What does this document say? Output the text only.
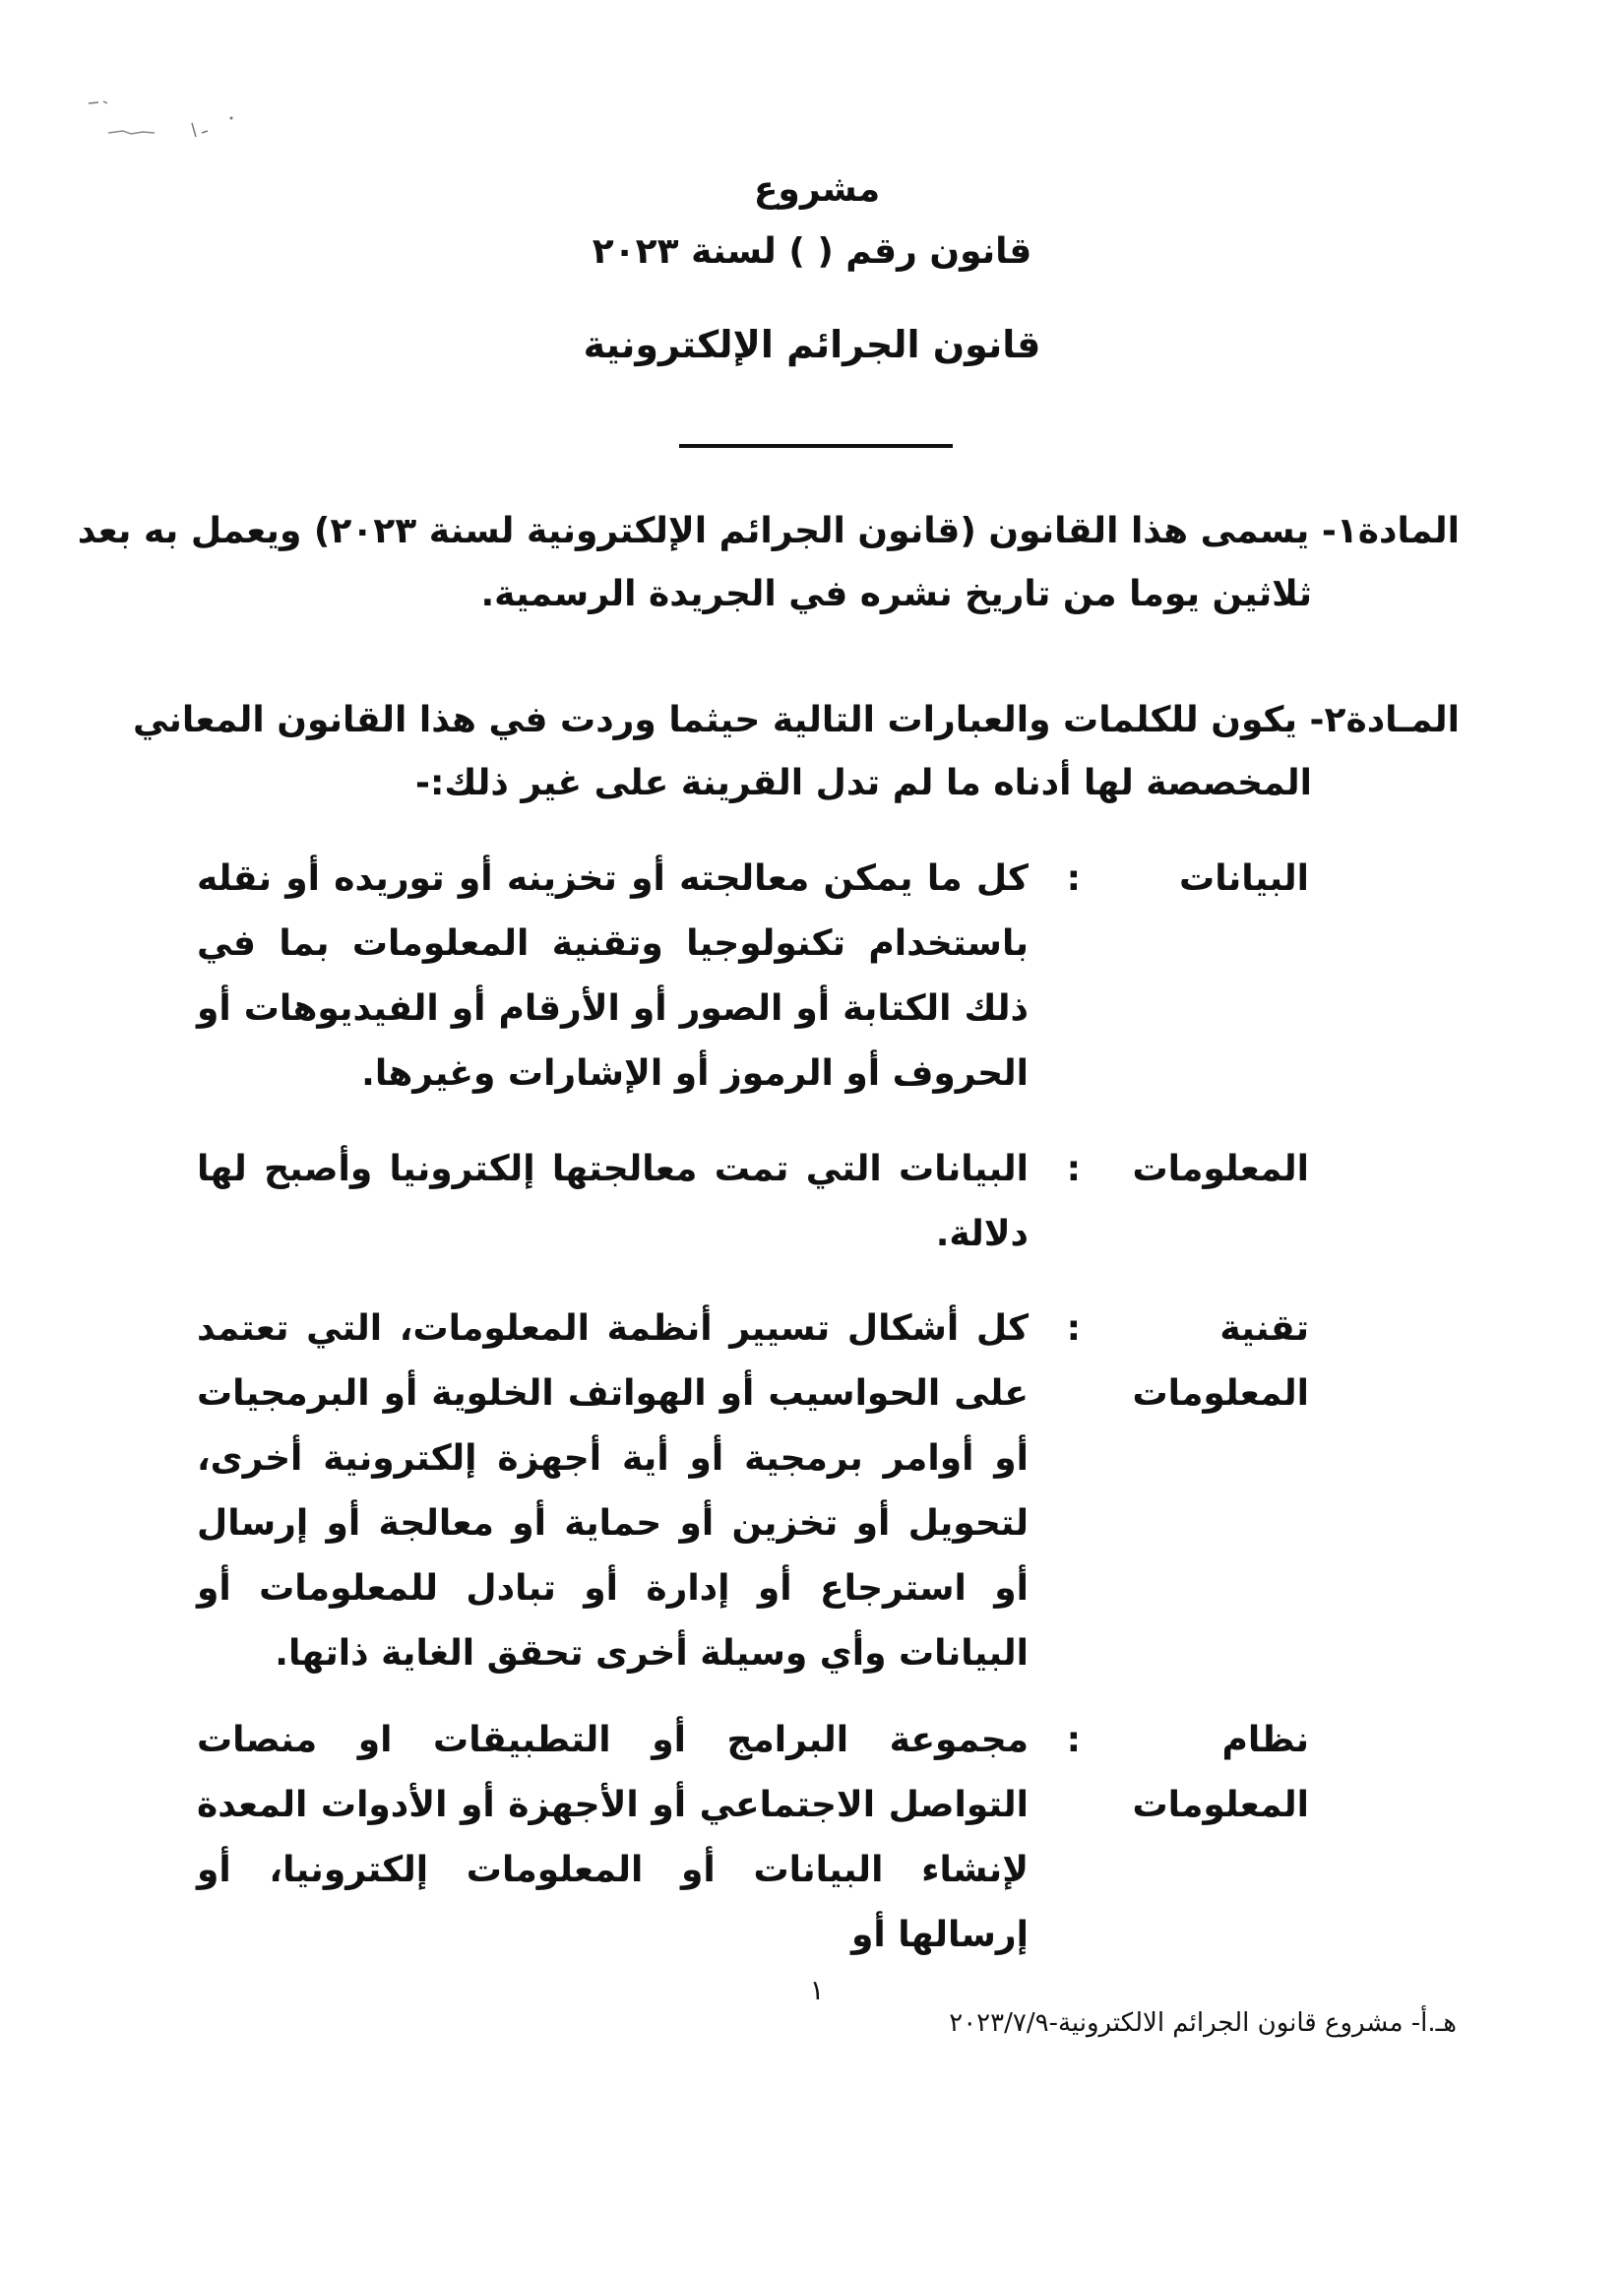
مشروع
قانون رقم ( ) لسنة ٢٠٢٣
قانون الجرائم الإلكترونية
المادة١- يسمى هذا القانون (قانون الجرائم الإلكترونية لسنة ٢٠٢٣) ويعمل به بعد
ثلاثين يوما من تاريخ نشره في الجريدة الرسمية.
المـادة٢- يكون للكلمات والعبارات التالية حيثما وردت في هذا القانون المعاني
المخصصة لها أدناه ما لم تدل القرينة على غير ذلك:-
البيانات
:
كل ما يمكن معالجته أو تخزينه أو توريده أو نقله باستخدام تكنولوجيا وتقنية المعلومات بما في ذلك الكتابة أو الصور أو الأرقام أو الفيديوهات أو الحروف أو الرموز أو الإشارات وغيرها.
المعلومات
:
البيانات التي تمت معالجتها إلكترونيا وأصبح لها دلالة.
تقنية المعلومات
:
كل أشكال تسيير أنظمة المعلومات، التي تعتمد على الحواسيب أو الهواتف الخلوية أو البرمجيات أو أوامر برمجية أو أية أجهزة إلكترونية أخرى، لتحويل أو تخزين أو حماية أو معالجة أو إرسال أو استرجاع أو إدارة أو تبادل للمعلومات أو البيانات وأي وسيلة أخرى تحقق الغاية ذاتها.
نظام المعلومات
:
مجموعة البرامج أو التطبيقات او منصات التواصل الاجتماعي أو الأجهزة أو الأدوات المعدة لإنشاء البيانات أو المعلومات إلكترونيا، أو إرسالها أو
١
هـ.أ- مشروع قانون الجرائم الالكترونية-٢٠٢٣/٧/٩
